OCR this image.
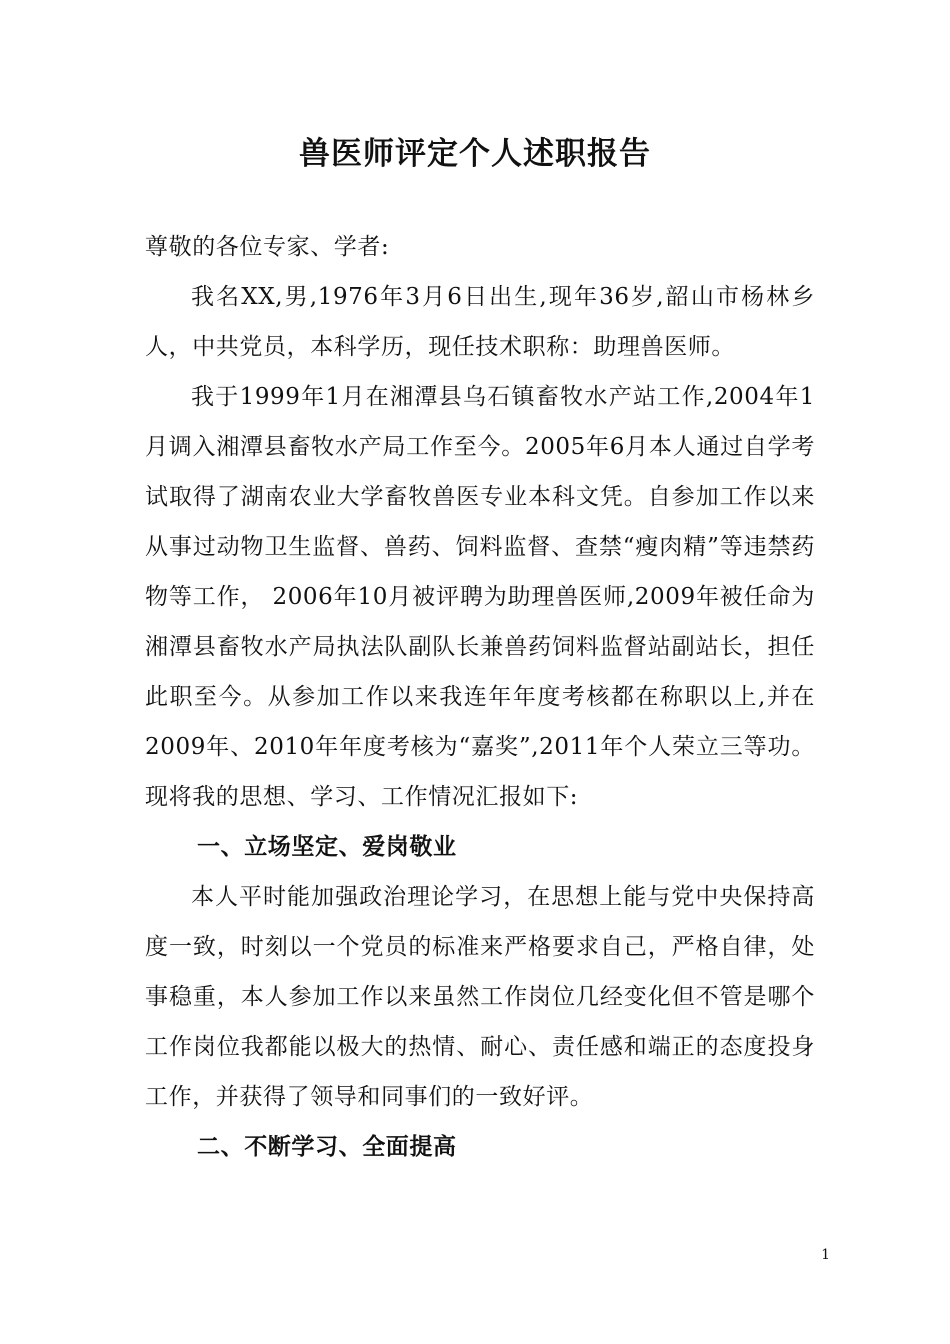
兽医师评定个人述职报告

尊敬的各位专家、学者:

我名XX,男,1976年3月6日出生,现年36岁,韶山市杨林乡人，中共党员，本科学历，现任技术职称：助理兽医师。

我于1999年1月在湘潭县乌石镇畜牧水产站工作,2004年1月调入湘潭县畜牧水产局工作至今。2005年6月本人通过自学考试取得了湖南农业大学畜牧兽医专业本科文凭。自参加工作以来从事过动物卫生监督、兽药、饲料监督、查禁“瘦肉精”等违禁药物等工作， 2006年10月被评聘为助理兽医师,2009年被任命为湘潭县畜牧水产局执法队副队长兼兽药饲料监督站副站长，担任此职至今。从参加工作以来我连年年度考核都在称职以上,并在2009年、2010年年度考核为“嘉奖”,2011年个人荣立三等功。现将我的思想、学习、工作情况汇报如下:

一、立场坚定、爱岗敬业

本人平时能加强政治理论学习，在思想上能与党中央保持高度一致，时刻以一个党员的标准来严格要求自己，严格自律，处事稳重，本人参加工作以来虽然工作岗位几经变化但不管是哪个工作岗位我都能以极大的热情、耐心、责任感和端正的态度投身工作，并获得了领导和同事们的一致好评。

二、不断学习、全面提高

1
